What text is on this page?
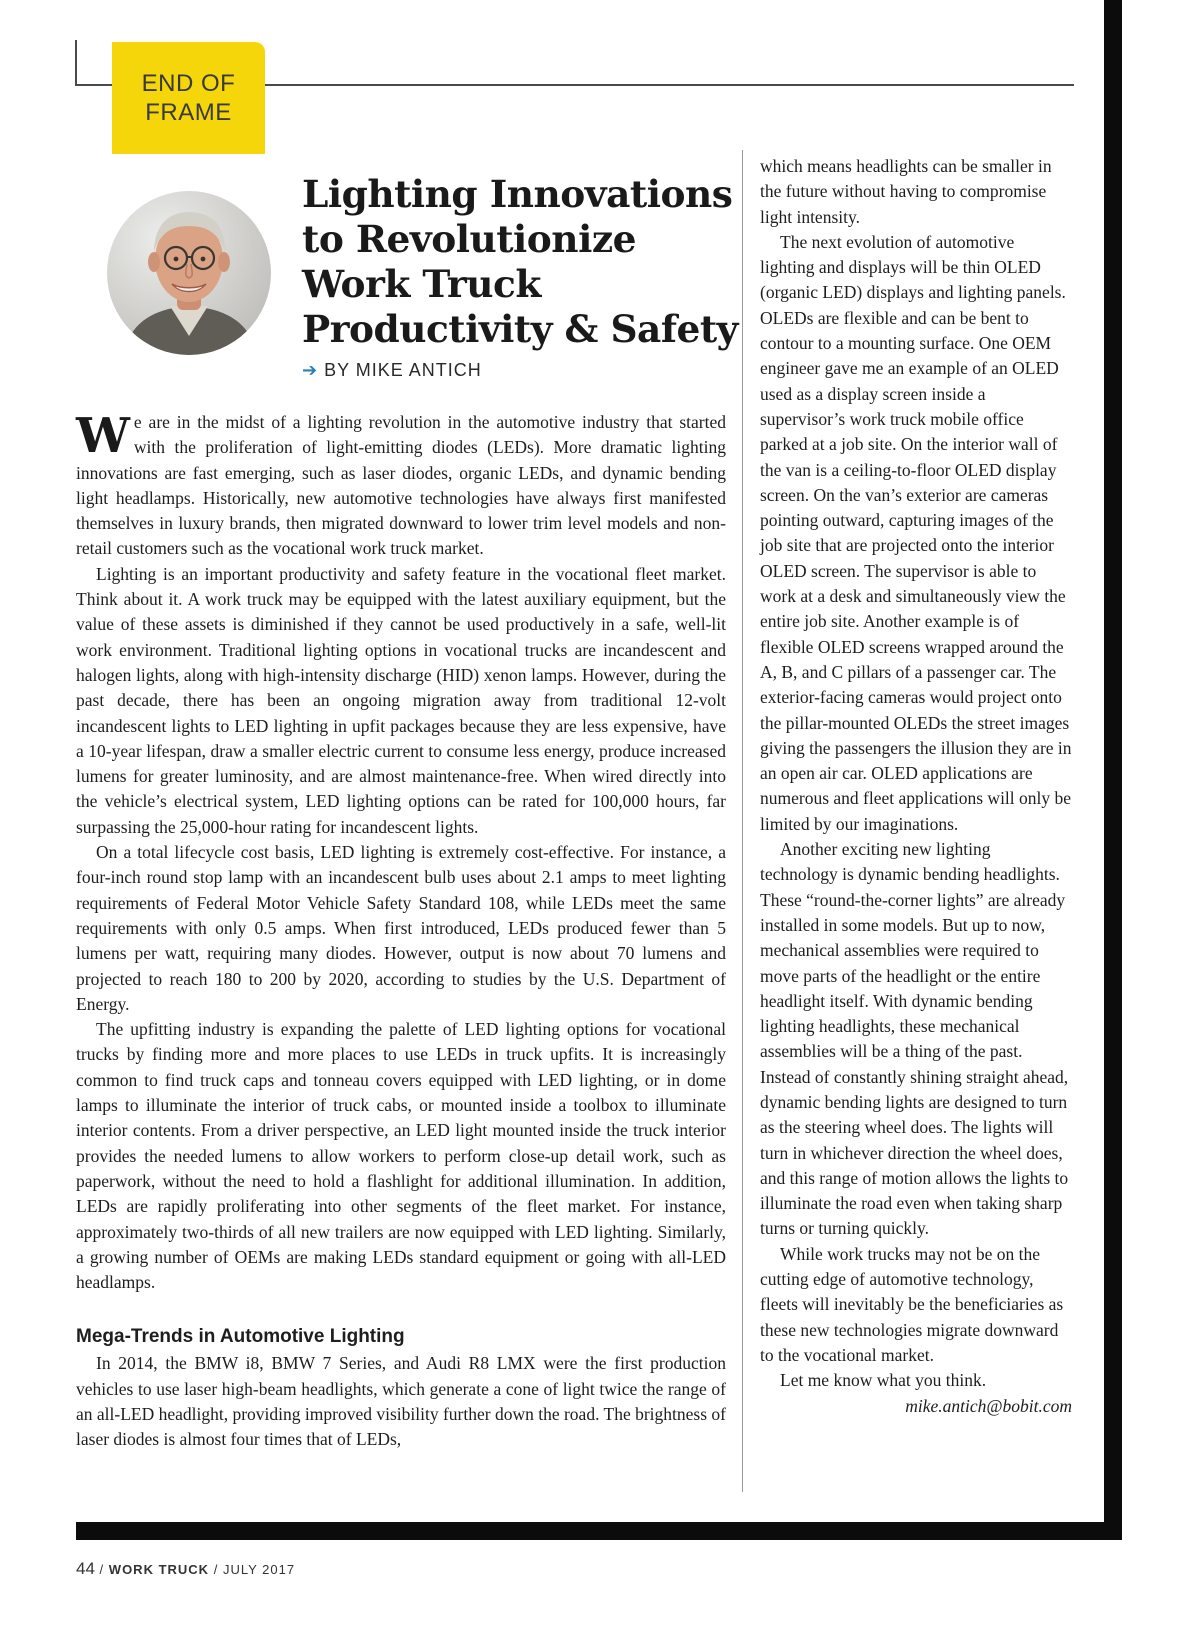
END OF
FRAME
Lighting Innovations
to Revolutionize
Work Truck
Productivity & Safety
➔ BY MIKE ANTICH

We are in the midst of a lighting revolution in the automotive industry that started with the proliferation of light-emitting diodes (LEDs). More dramatic lighting innovations are fast emerging, such as laser diodes, organic LEDs, and dynamic bending light headlamps. Historically, new automotive technologies have always first manifested themselves in luxury brands, then migrated downward to lower trim level models and non-retail customers such as the vocational work truck market.

Lighting is an important productivity and safety feature in the vocational fleet market. Think about it. A work truck may be equipped with the latest auxiliary equipment, but the value of these assets is diminished if they cannot be used productively in a safe, well-lit work environment. Traditional lighting options in vocational trucks are incandescent and halogen lights, along with high-intensity discharge (HID) xenon lamps. However, during the past decade, there has been an ongoing migration away from traditional 12-volt incandescent lights to LED lighting in upfit packages because they are less expensive, have a 10-year lifespan, draw a smaller electric current to consume less energy, produce increased lumens for greater luminosity, and are almost maintenance-free. When wired directly into the vehicle’s electrical system, LED lighting options can be rated for 100,000 hours, far surpassing the 25,000-hour rating for incandescent lights.

On a total lifecycle cost basis, LED lighting is extremely cost-effective. For instance, a four-inch round stop lamp with an incandescent bulb uses about 2.1 amps to meet lighting requirements of Federal Motor Vehicle Safety Standard 108, while LEDs meet the same requirements with only 0.5 amps. When first introduced, LEDs produced fewer than 5 lumens per watt, requiring many diodes. However, output is now about 70 lumens and projected to reach 180 to 200 by 2020, according to studies by the U.S. Department of Energy.

The upfitting industry is expanding the palette of LED lighting options for vocational trucks by finding more and more places to use LEDs in truck upfits. It is increasingly common to find truck caps and tonneau covers equipped with LED lighting, or in dome lamps to illuminate the interior of truck cabs, or mounted inside a toolbox to illuminate interior contents. From a driver perspective, an LED light mounted inside the truck interior provides the needed lumens to allow workers to perform close-up detail work, such as paperwork, without the need to hold a flashlight for additional illumination. In addition, LEDs are rapidly proliferating into other segments of the fleet market. For instance, approximately two-thirds of all new trailers are now equipped with LED lighting. Similarly, a growing number of OEMs are making LEDs standard equipment or going with all-LED headlamps.

Mega-Trends in Automotive Lighting

In 2014, the BMW i8, BMW 7 Series, and Audi R8 LMX were the first production vehicles to use laser high-beam headlights, which generate a cone of light twice the range of an all-LED headlight, providing improved visibility further down the road. The brightness of laser diodes is almost four times that of LEDs,

which means headlights can be smaller in the future without having to compromise light intensity.

The next evolution of automotive lighting and displays will be thin OLED (organic LED) displays and lighting panels. OLEDs are flexible and can be bent to contour to a mounting surface. One OEM engineer gave me an example of an OLED used as a display screen inside a supervisor’s work truck mobile office parked at a job site. On the interior wall of the van is a ceiling-to-floor OLED display screen. On the van’s exterior are cameras pointing outward, capturing images of the job site that are projected onto the interior OLED screen. The supervisor is able to work at a desk and simultaneously view the entire job site. Another example is of flexible OLED screens wrapped around the A, B, and C pillars of a passenger car. The exterior-facing cameras would project onto the pillar-mounted OLEDs the street images giving the passengers the illusion they are in an open air car. OLED applications are numerous and fleet applications will only be limited by our imaginations.

Another exciting new lighting technology is dynamic bending headlights. These “round-the-corner lights” are already installed in some models. But up to now, mechanical assemblies were required to move parts of the headlight or the entire headlight itself. With dynamic bending lighting headlights, these mechanical assemblies will be a thing of the past. Instead of constantly shining straight ahead, dynamic bending lights are designed to turn as the steering wheel does. The lights will turn in whichever direction the wheel does, and this range of motion allows the lights to illuminate the road even when taking sharp turns or turning quickly.

While work trucks may not be on the cutting edge of automotive technology, fleets will inevitably be the beneficiaries as these new technologies migrate downward to the vocational market.

Let me know what you think.

mike.antich@bobit.com

44 / WORK TRUCK / JULY 2017
